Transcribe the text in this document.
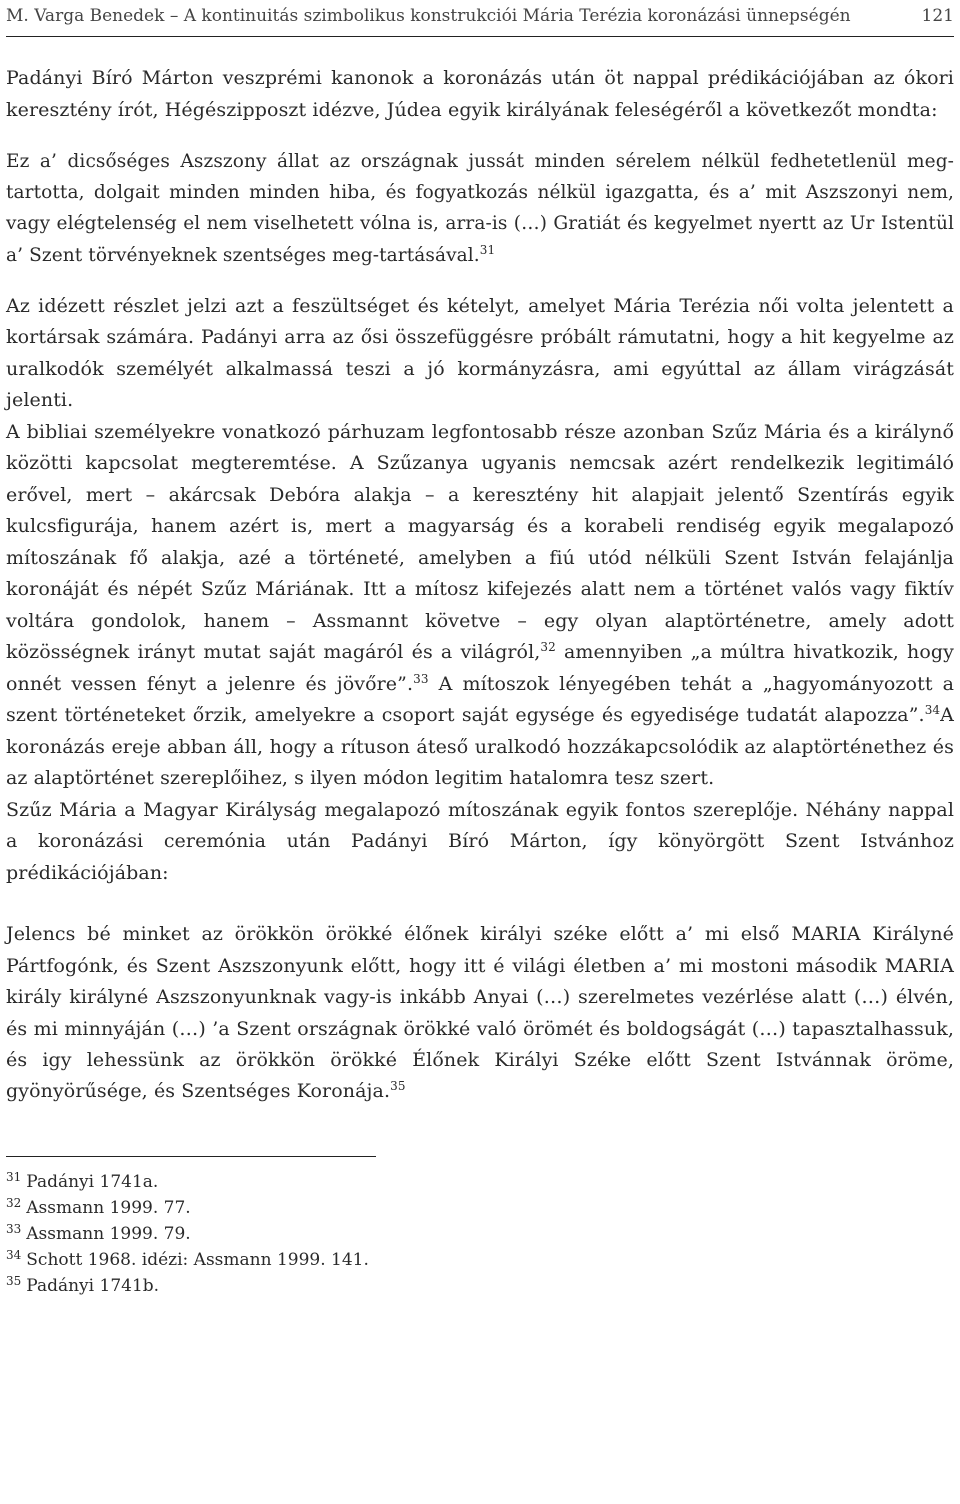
M. Varga Benedek – A kontinuitás szimbolikus konstrukciói Mária Terézia koronázási ünnepségén	121

Padányi Bíró Márton veszprémi kanonok a koronázás után öt nappal prédikációjában az ókori keresztény írót, Hégészipposzt idézve, Júdea egyik királyának feleségéről a következőt mondta:

Ez a’ dicsőséges Aszszony állat az országnak jussát minden sérelem nélkül fedhetetlenül meg-tartotta, dolgait minden minden hiba, és fogyatkozás nélkül igazgatta, és a’ mit Aszszonyi nem, vagy elégtelenség el nem viselhetett vólna is, arra-is (…) Gratiát és kegyelmet nyertt az Ur Istentül a’ Szent törvényeknek szentséges meg-tartásával.$^{31}$

Az idézett részlet jelzi azt a feszültséget és kételyt, amelyet Mária Terézia női volta jelentett a kortársak számára. Padányi arra az ősi összefüggésre próbált rámutatni, hogy a hit kegyelme az uralkodók személyét alkalmassá teszi a jó kormányzásra, ami egyúttal az állam virágzását jelenti.

A bibliai személyekre vonatkozó párhuzam legfontosabb része azonban Szűz Mária és a királynő közötti kapcsolat megteremtése. A Szűzanya ugyanis nemcsak azért rendelkezik legitimáló erővel, mert – akárcsak Debóra alakja – a keresztény hit alapjait jelentő Szentírás egyik kulcsfigurája, hanem azért is, mert a magyarság és a korabeli rendiség egyik megalapozó mítoszának fő alakja, azé a történeté, amelyben a fiú utód nélküli Szent István felajánlja koronáját és népét Szűz Máriának. Itt a mítosz kifejezés alatt nem a történet valós vagy fiktív voltára gondolok, hanem – Assmannt követve – egy olyan alaptörténetre, amely adott közösségnek irányt mutat saját magáról és a világról,$^{32}$ amennyiben „a múltra hivatkozik, hogy onnét vessen fényt a jelenre és jövőre”.$^{33}$ A mítoszok lényegében tehát a „hagyományozott a szent történeteket őrzik, amelyekre a csoport saját egysége és egyedisége tudatát alapozza”.$^{34}$A koronázás ereje abban áll, hogy a rítuson áteső uralkodó hozzákapcsolódik az alaptörténethez és az alaptörténet szereplőihez, s ilyen módon legitim hatalomra tesz szert.

Szűz Mária a Magyar Királyság megalapozó mítoszának egyik fontos szereplője. Néhány nappal a koronázási ceremónia után Padányi Bíró Márton, így könyörgött Szent Istvánhoz prédikációjában:

Jelencs bé minket az örökkön örökké élőnek királyi széke előtt a’ mi első MARIA Királyné Pártfogónk, és Szent Aszszonyunk előtt, hogy itt é világi életben a’ mi mostoni második MARIA király királyné Aszszonyunknak vagy-is inkább Anyai (…) szerelmetes vezérlése alatt (…) élvén, és mi minnyáján (…) ’a Szent országnak örökké való örömét és boldogságát (…) tapasztalhassuk, és igy lehessünk az örökkön örökké Élőnek Királyi Széke előtt Szent Istvánnak öröme, gyönyörűsége, és Szentséges Koronája.$^{35}$

$^{31}$ Padányi 1741a.
$^{32}$ Assmann 1999. 77.
$^{33}$ Assmann 1999. 79.
$^{34}$ Schott 1968. idézi: Assmann 1999. 141.
$^{35}$ Padányi 1741b.
